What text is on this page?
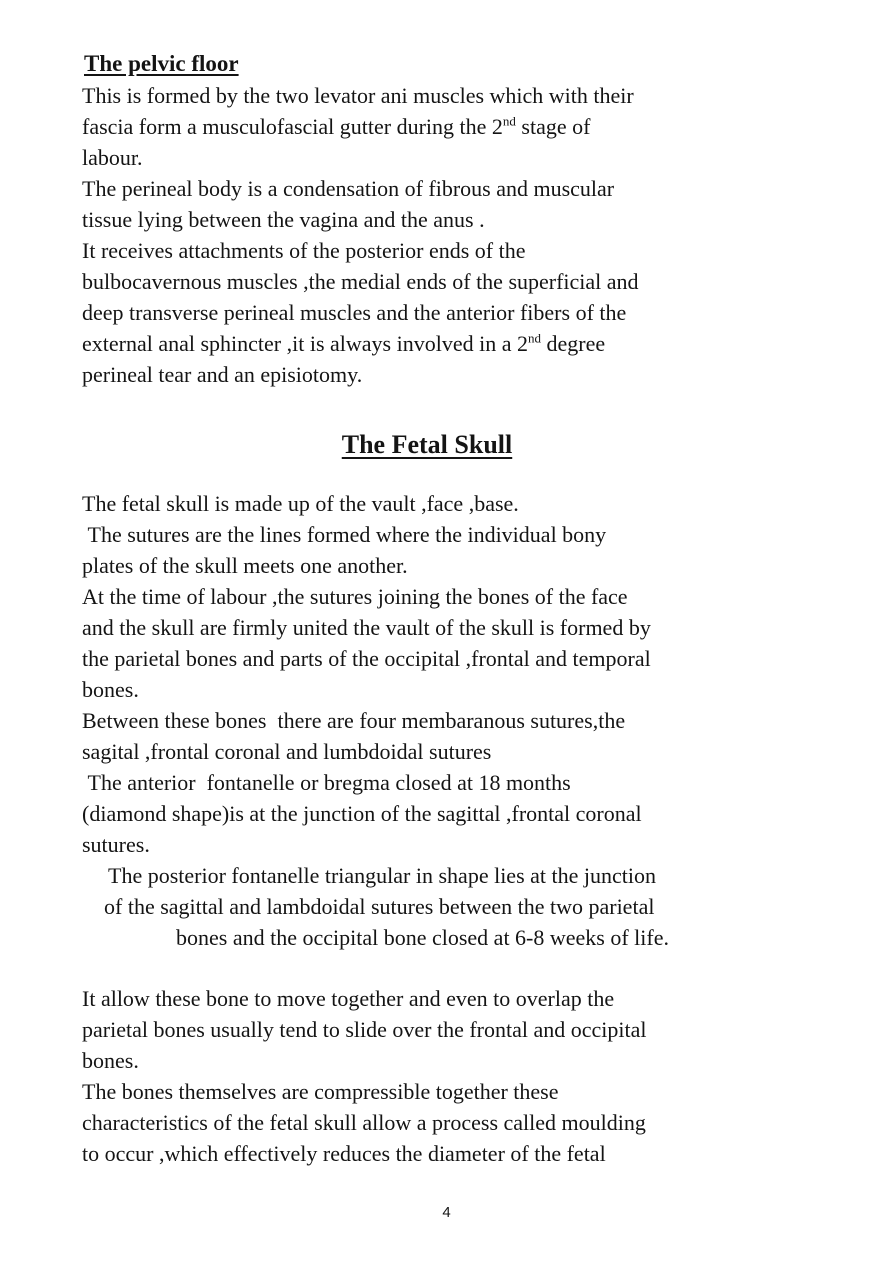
The pelvic floor
This is formed by the two levator ani muscles which with their
fascia form a musculofascial gutter during the 2nd stage of
labour.
The perineal body is a condensation of fibrous and muscular
tissue lying between the vagina and the anus .
It receives attachments of the posterior ends of the
bulbocavernous muscles ,the medial ends of the superficial and
deep transverse perineal muscles and the anterior fibers of the
external anal sphincter ,it is always involved in a 2nd degree
perineal tear and an episiotomy.
The Fetal Skull
The fetal skull is made up of the vault ,face ,base.
The sutures are the lines formed where the individual bony
plates of the skull meets one another.
At the time of labour ,the sutures joining the bones of the face
and the skull are firmly united the vault of the skull is formed by
the parietal bones and parts of the occipital ,frontal and temporal
bones.
Between these bones  there are four membaranous sutures,the
sagital ,frontal coronal and lumbdoidal sutures
The anterior  fontanelle or bregma closed at 18 months
(diamond shape)is at the junction of the sagittal ,frontal coronal
sutures.
The posterior fontanelle triangular in shape lies at the junction
of the sagittal and lambdoidal sutures between the two parietal
bones and the occipital bone closed at 6-8 weeks of life.
It allow these bone to move together and even to overlap the
parietal bones usually tend to slide over the frontal and occipital
bones.
The bones themselves are compressible together these
characteristics of the fetal skull allow a process called moulding
to occur ,which effectively reduces the diameter of the fetal
4
